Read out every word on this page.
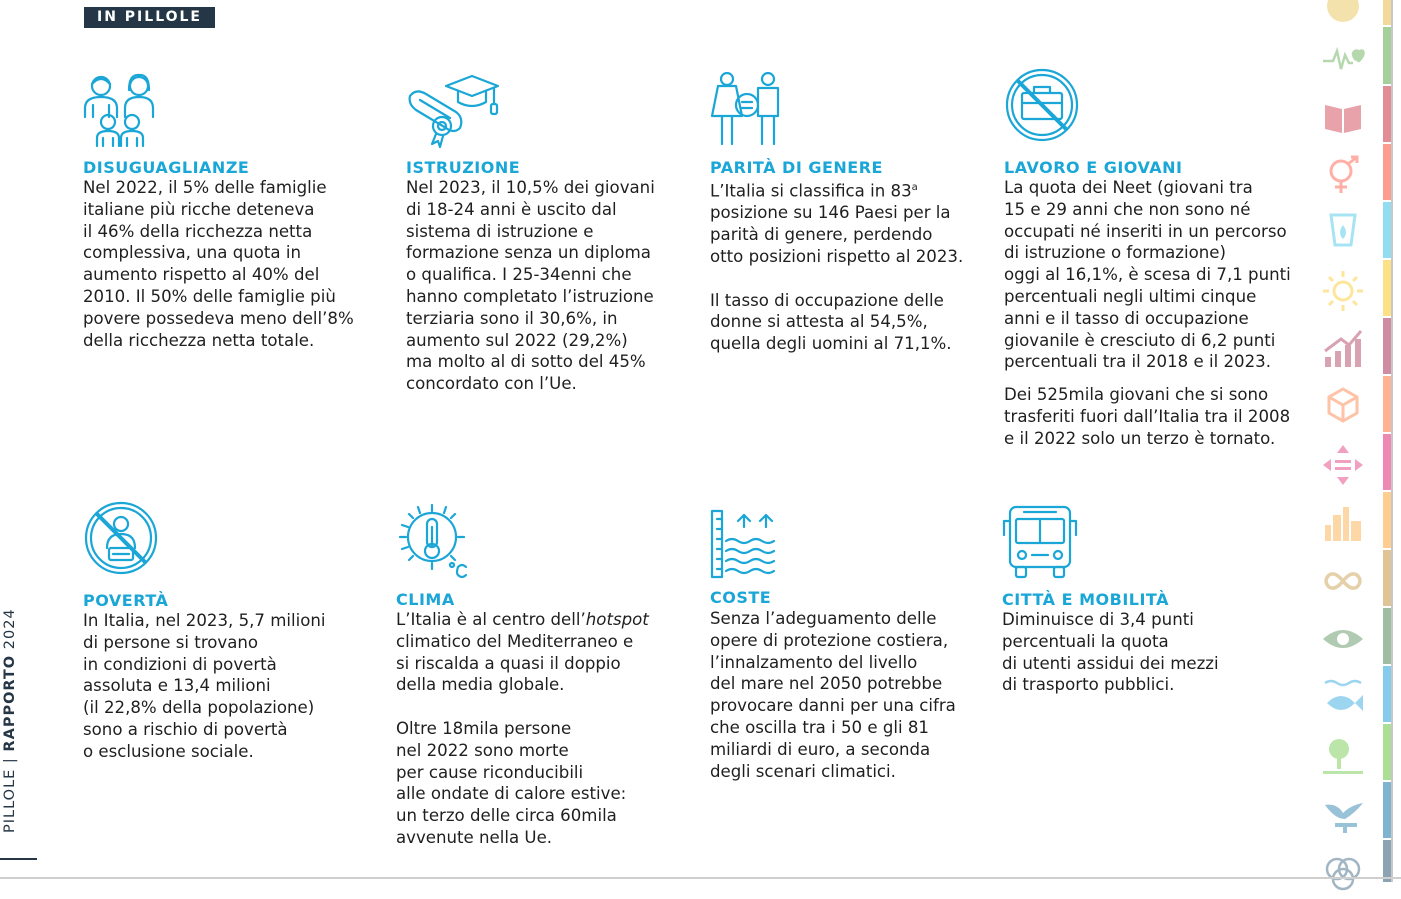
IN PILLOLE
DISUGUAGLIANZE

Nel 2022, il 5% delle famiglie

italiane più ricche deteneva

il 46% della ricchezza netta

complessiva, una quota in

aumento rispetto al 40% del

2010. Il 50% delle famiglie più

povere possedeva meno dell’8%

della ricchezza netta totale.

ISTRUZIONE

Nel 2023, il 10,5% dei giovani

di 18-24 anni è uscito dal

sistema di istruzione e

formazione senza un diploma

o qualifica. I 25-34enni che

hanno completato l’istruzione

terziaria sono il 30,6%, in

aumento sul 2022 (29,2%)

ma molto al di sotto del 45%

concordato con l’Ue.

PARITÀ DI GENERE

L’Italia si classifica in 83$^a$

posizione su 146 Paesi per la

parità di genere, perdendo

otto posizioni rispetto al 2023.

Il tasso di occupazione delle

donne si attesta al 54,5%,

quella degli uomini al 71,1%.

LAVORO E GIOVANI

La quota dei Neet (giovani tra

15 e 29 anni che non sono né

occupati né inseriti in un percorso

di istruzione o formazione)

oggi al 16,1%, è scesa di 7,1 punti

percentuali negli ultimi cinque

anni e il tasso di occupazione

giovanile è cresciuto di 6,2 punti

percentuali tra il 2018 e il 2023.

Dei 525mila giovani che si sono

trasferiti fuori dall’Italia tra il 2008

e il 2022 solo un terzo è tornato.

POVERTÀ

In Italia, nel 2023, 5,7 milioni

di persone si trovano

in condizioni di povertà

assoluta e 13,4 milioni

(il 22,8% della popolazione)

sono a rischio di povertà

o esclusione sociale.

CLIMA

L’Italia è al centro dell’hotspot

climatico del Mediterraneo e

si riscalda a quasi il doppio

della media globale.

Oltre 18mila persone

nel 2022 sono morte

per cause riconducibili

alle ondate di calore estive:

un terzo delle circa 60mila

avvenute nella Ue.

COSTE

Senza l’adeguamento delle

opere di protezione costiera,

l’innalzamento del livello

del mare nel 2050 potrebbe

provocare danni per una cifra

che oscilla tra i 50 e gli 81

miliardi di euro, a seconda

degli scenari climatici.

CITTÀ E MOBILITÀ

Diminuisce di 3,4 punti

percentuali la quota

di utenti assidui dei mezzi

di trasporto pubblici.

PILLOLE | RAPPORTO 2024
